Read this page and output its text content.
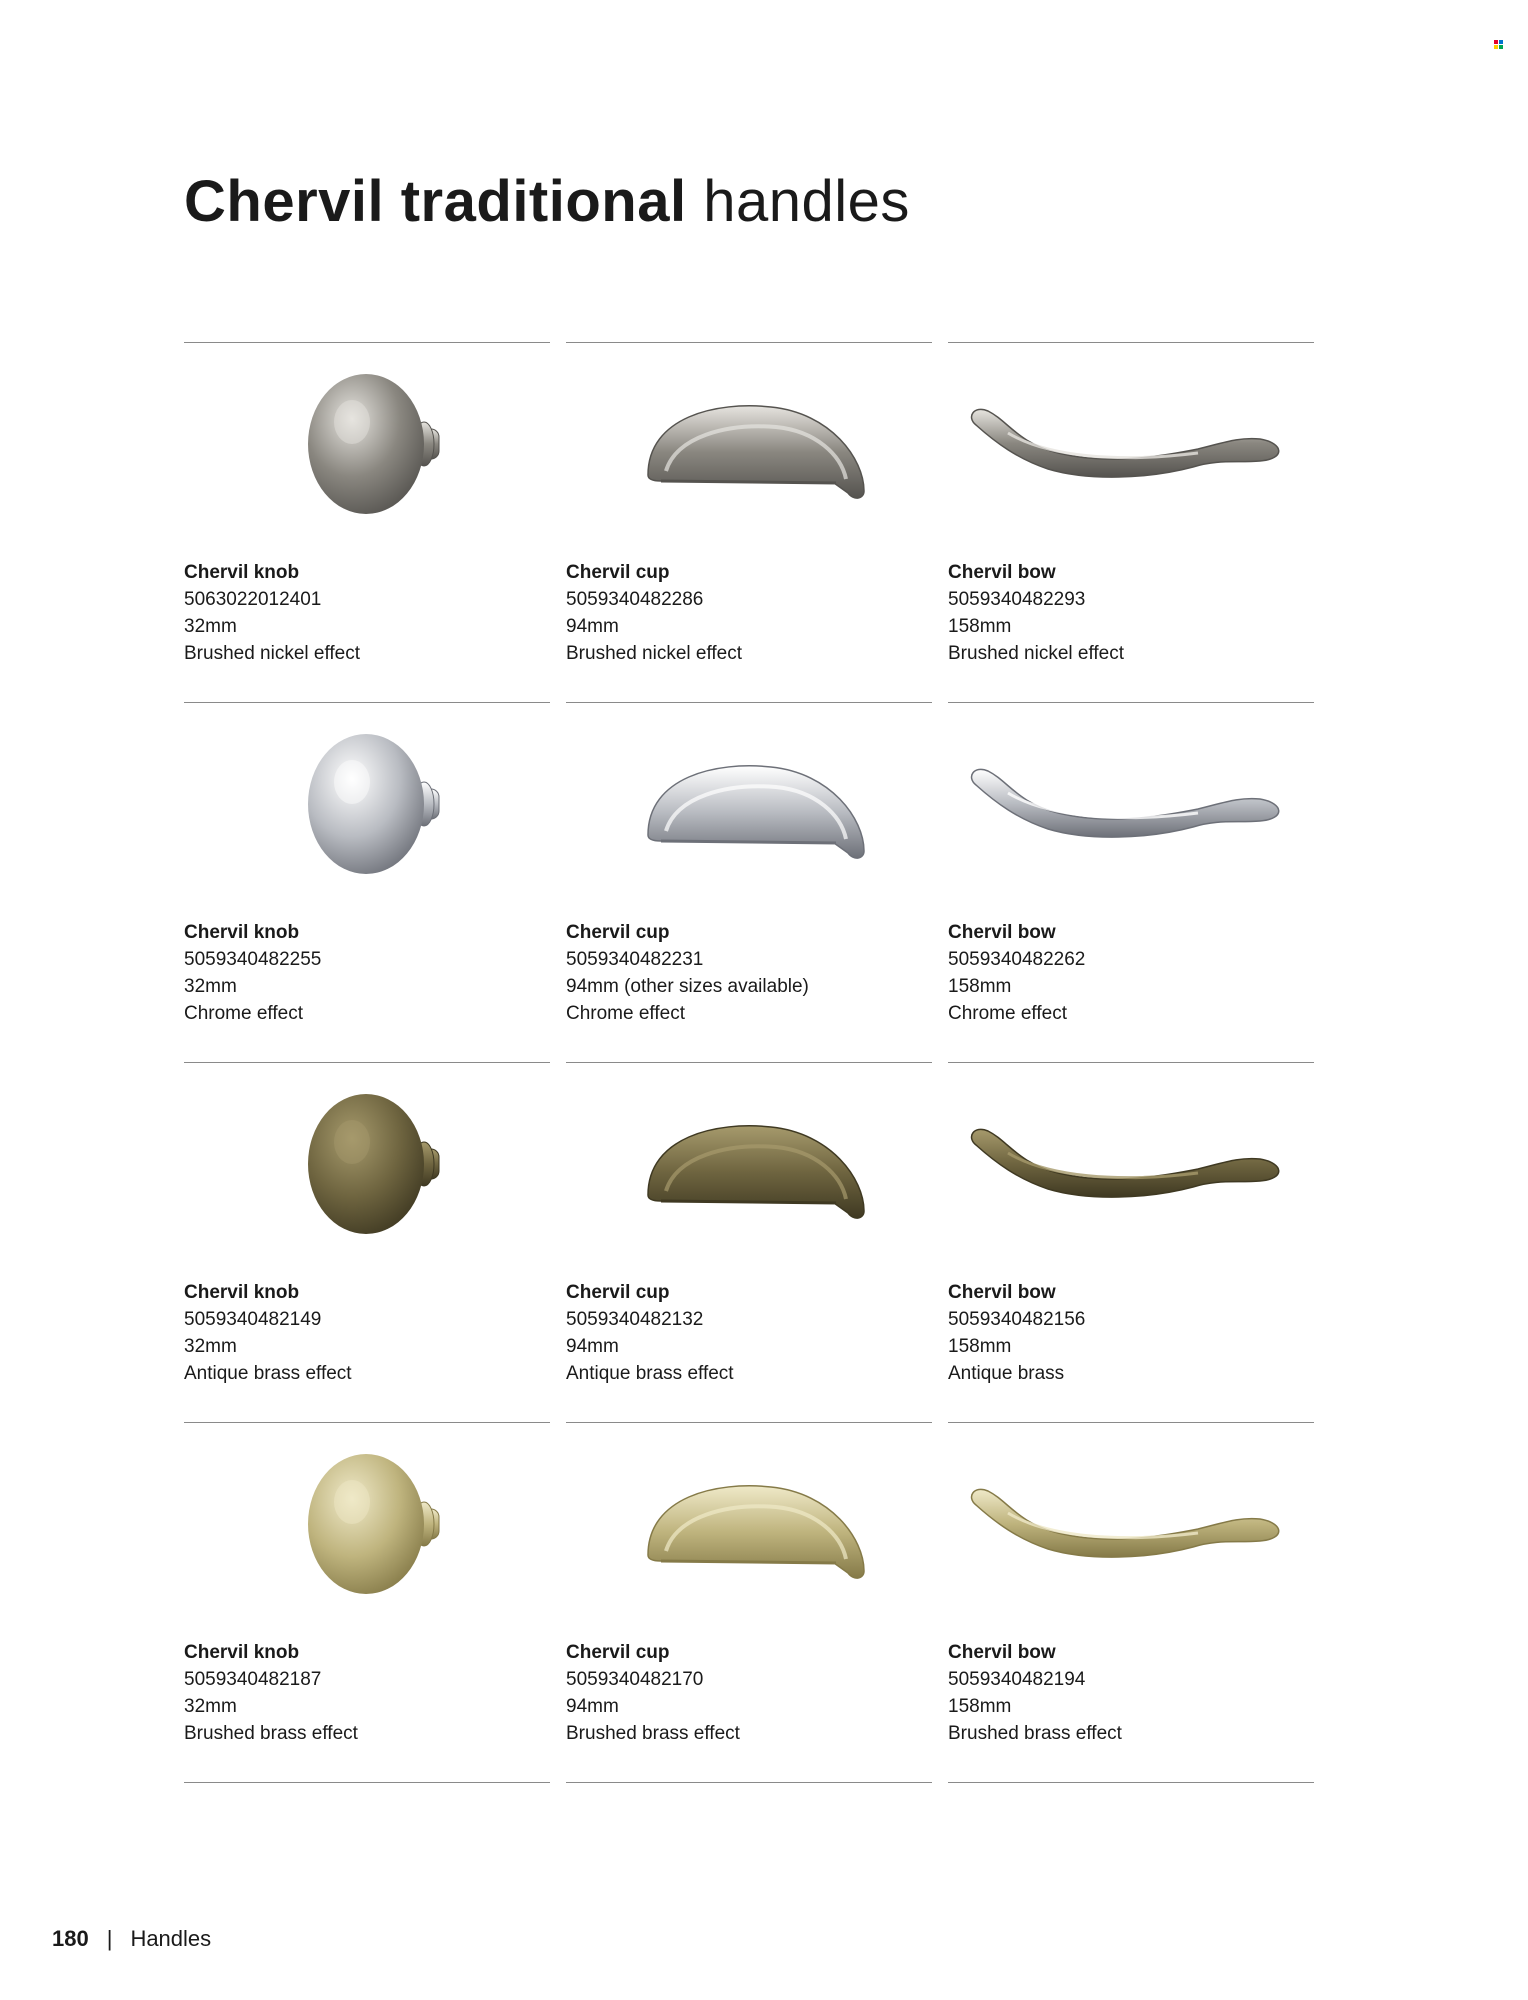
Chervil traditional handles
Chervil knob
5063022012401
32mm
Brushed nickel effect
Chervil cup
5059340482286
94mm
Brushed nickel effect
Chervil bow
5059340482293
158mm
Brushed nickel effect
Chervil knob
5059340482255
32mm
Chrome effect
Chervil cup
5059340482231
94mm (other sizes available)
Chrome effect
Chervil bow
5059340482262
158mm
Chrome effect
Chervil knob
5059340482149
32mm
Antique brass effect
Chervil cup
5059340482132
94mm
Antique brass effect
Chervil bow
5059340482156
158mm
Antique brass
Chervil knob
5059340482187
32mm
Brushed brass effect
Chervil cup
5059340482170
94mm
Brushed brass effect
Chervil bow
5059340482194
158mm
Brushed brass effect
180 | Handles
